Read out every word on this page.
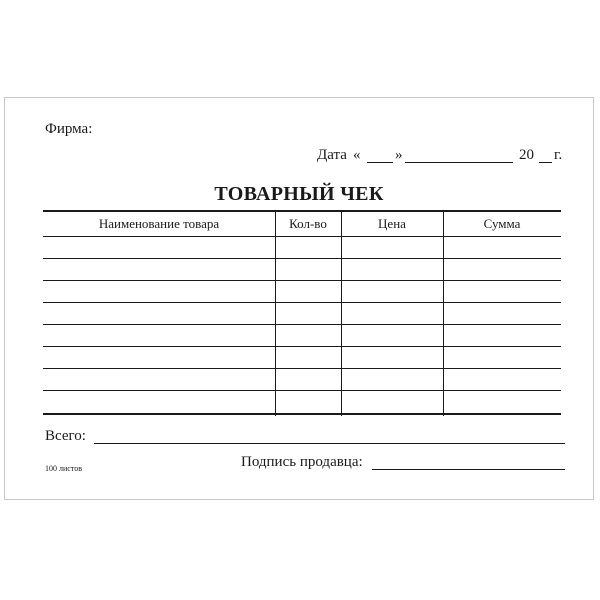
Фирма:
Дата « »	20 г.
ТОВАРНЫЙ ЧЕК
Наименование товара	Кол-во	Цена	Сумма
Всего:
100 листов	Подпись продавца:
